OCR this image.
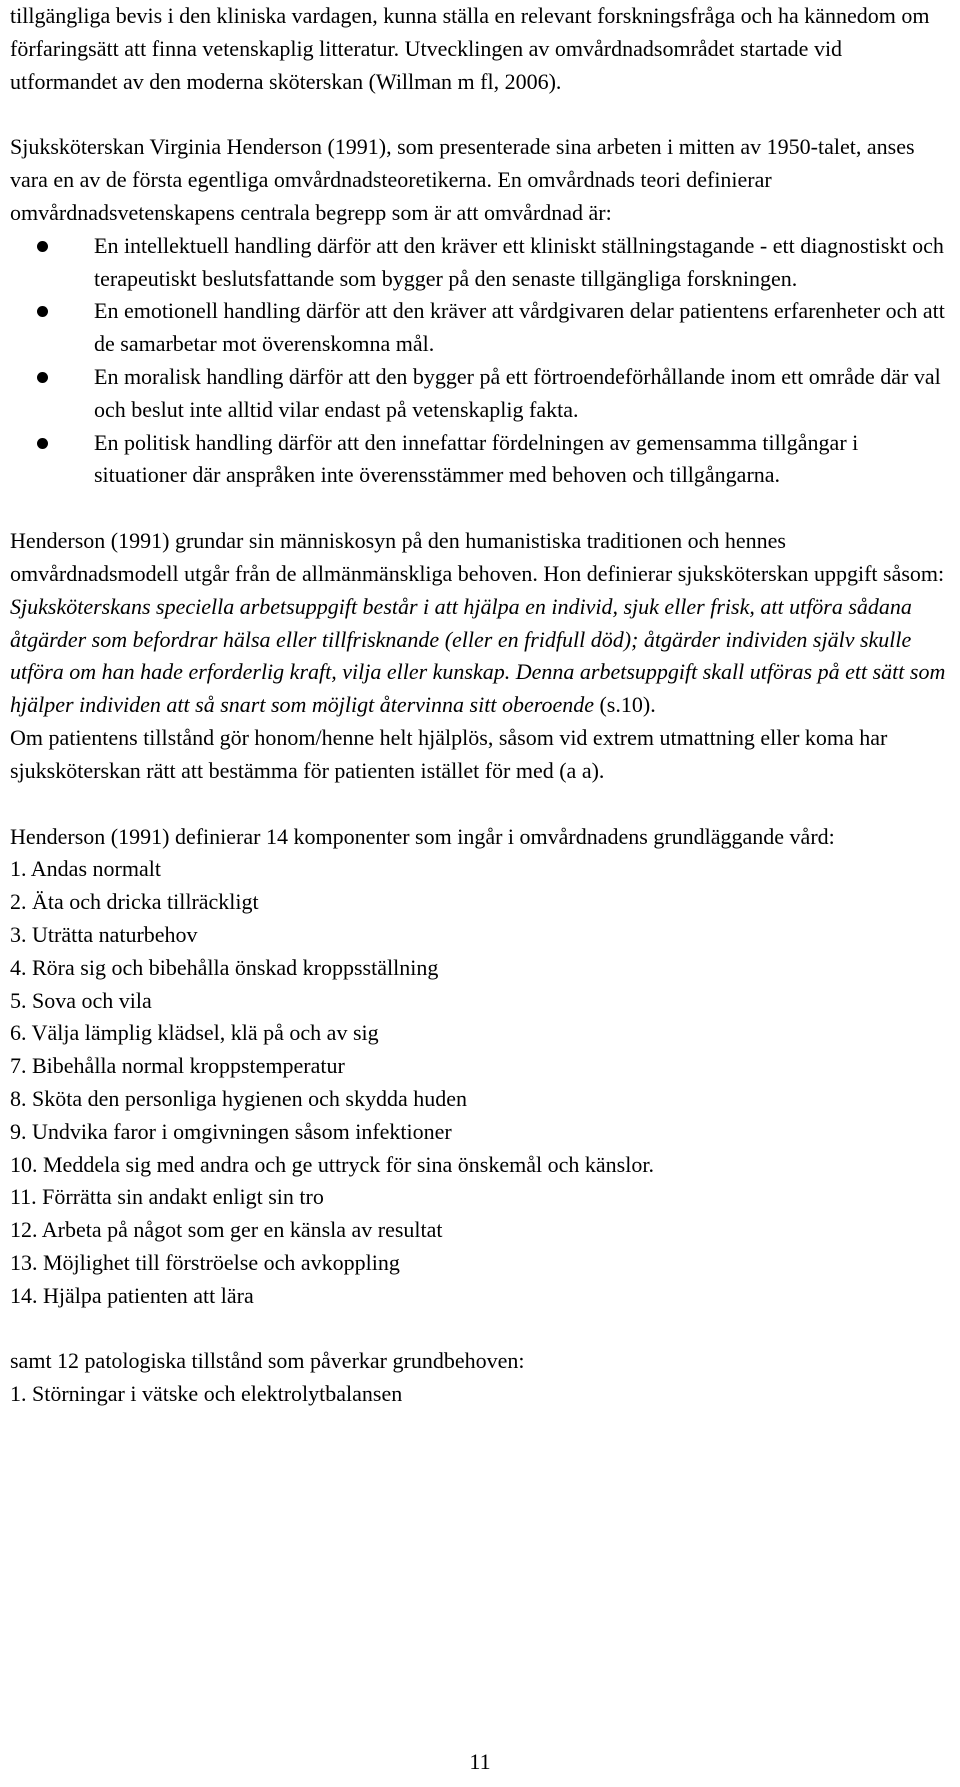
tillgängliga bevis i den kliniska vardagen, kunna ställa en relevant forskningsfråga och ha kännedom om förfaringsätt att finna vetenskaplig litteratur. Utvecklingen av omvårdnadsområdet startade vid utformandet av den moderna sköterskan (Willman m fl, 2006).

Sjuksköterskan Virginia Henderson (1991), som presenterade sina arbeten i mitten av 1950-talet, anses vara en av de första egentliga omvårdnadsteoretikerna. En omvårdnads teori definierar omvårdnadsvetenskapens centrala begrepp som är att omvårdnad är:

En intellektuell handling därför att den kräver ett kliniskt ställningstagande - ett diagnostiskt och terapeutiskt beslutsfattande som bygger på den senaste tillgängliga forskningen.
En emotionell handling därför att den kräver att vårdgivaren delar patientens erfarenheter och att de samarbetar mot överenskomna mål.
En moralisk handling därför att den bygger på ett förtroendeförhållande inom ett område där val och beslut inte alltid vilar endast på vetenskaplig fakta.
En politisk handling därför att den innefattar fördelningen av gemensamma tillgångar i situationer där anspråken inte överensstämmer med behoven och tillgångarna.

Henderson (1991) grundar sin människosyn på den humanistiska traditionen och hennes omvårdnadsmodell utgår från de allmänmänskliga behoven. Hon definierar sjuksköterskan uppgift såsom:
Sjuksköterskans speciella arbetsuppgift består i att hjälpa en individ, sjuk eller frisk, att utföra sådana åtgärder som befordrar hälsa eller tillfrisknande (eller en fridfull död); åtgärder individen själv skulle utföra om han hade erforderlig kraft, vilja eller kunskap. Denna arbetsuppgift skall utföras på ett sätt som hjälper individen att så snart som möjligt återvinna sitt oberoende (s.10).
Om patientens tillstånd gör honom/henne helt hjälplös, såsom vid extrem utmattning eller koma har sjuksköterskan rätt att bestämma för patienten istället för med (a a).

Henderson (1991) definierar 14 komponenter som ingår i omvårdnadens grundläggande vård:

1. Andas normalt
2. Äta och dricka tillräckligt
3. Uträtta naturbehov
4. Röra sig och bibehålla önskad kroppsställning
5. Sova och vila
6. Välja lämplig klädsel, klä på och av sig
7. Bibehålla normal kroppstemperatur
8. Sköta den personliga hygienen och skydda huden
9. Undvika faror i omgivningen såsom infektioner
10. Meddela sig med andra och ge uttryck för sina önskemål och känslor.
11. Förrätta sin andakt enligt sin tro
12. Arbeta på något som ger en känsla av resultat
13. Möjlighet till förströelse och avkoppling
14. Hjälpa patienten att lära

samt 12 patologiska tillstånd som påverkar grundbehoven:

1. Störningar i vätske och elektrolytbalansen
11
